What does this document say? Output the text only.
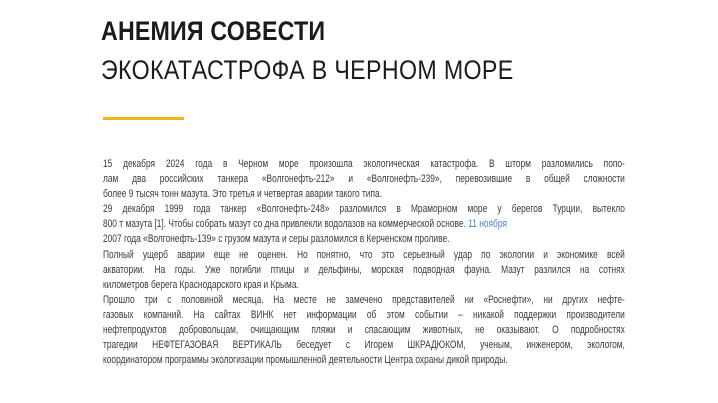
АНЕМИЯ СОВЕСТИ
ЭКОКАТАСТРОФА В ЧЕРНОМ МОРЕ
15 декабря 2024 года в Черном море произошла экологическая катастрофа. В шторм разломились попо-
лам два российских танкера «Волгонефть-212» и «Волгонефть-239», перевозившие в общей сложности
более 9 тысяч тонн мазута. Это третья и четвертая аварии такого типа.
29 декабря 1999 года танкер «Волгонефть-248» разломился в Мраморном море у берегов Турции, вытекло
800 т мазута [1]. Чтобы собрать мазут со дна привлекли водолазов на коммерческой основе. 11 ноября
2007 года «Волгонефть-139» с грузом мазута и серы разломился в Керченском проливе.
Полный ущерб аварии еще не оценен. Но понятно, что это серьезный удар по экологии и экономике всей
акватории. На годы. Уже погибли птицы и дельфины, морская подводная фауна. Мазут разлился на сотнях
километров берега Краснодарского края и Крыма.
Прошло три с половиной месяца. На месте не замечено представителей ни «Роснефти», ни других нефте-
газовых компаний. На сайтах ВИНК нет информации об этом событии – никакой поддержки производители
нефтепродуктов добровольцам, очищающим пляжи и спасающим животных, не оказывают. О подробностях
трагедии НЕФТЕГАЗОВАЯ ВЕРТИКАЛЬ беседует с Игорем ШКРАДЮКОМ, ученым, инженером, экологом,
координатором программы экологизации промышленной деятельности Центра охраны дикой природы.
